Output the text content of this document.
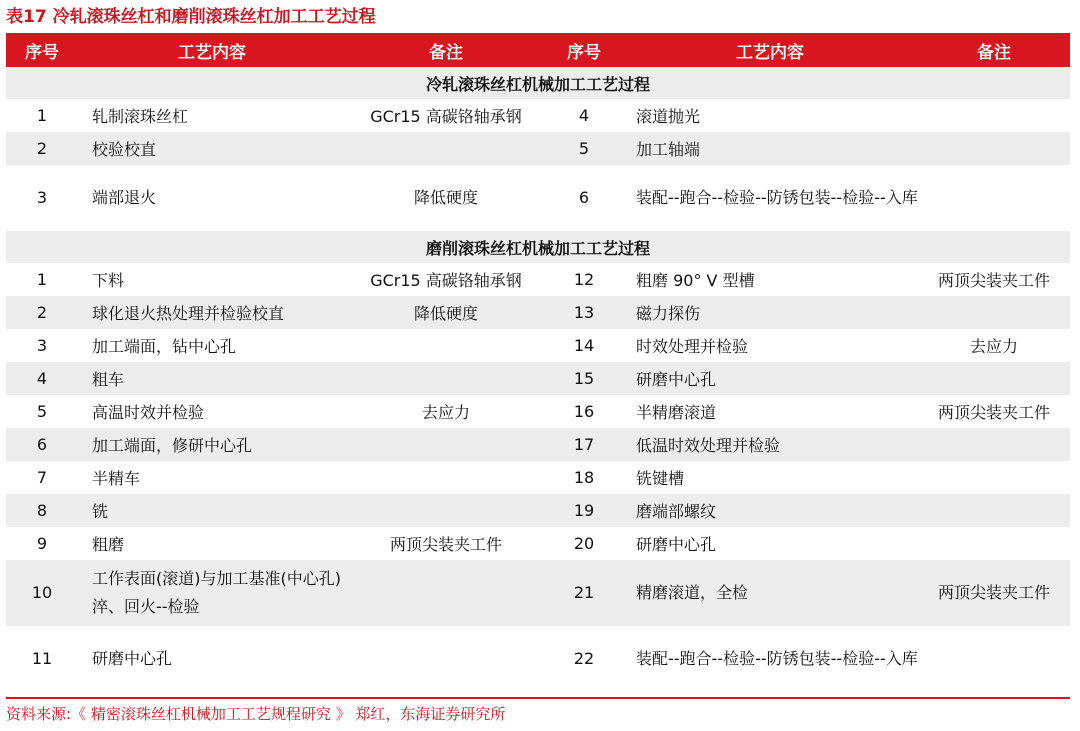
表17 冷轧滚珠丝杠和磨削滚珠丝杠加工工艺过程
序号	工艺内容	备注	序号	工艺内容	备注
冷轧滚珠丝杠机械加工工艺过程					
1	轧制滚珠丝杠	GCr15 高碳铬轴承钢	4	滚道抛光	
2	校验校直		5	加工轴端	
3	端部退火	降低硬度	6	装配--跑合--检验--防锈包装--检验--入库	
磨削滚珠丝杠机械加工工艺过程					
1	下料	GCr15 高碳铬轴承钢	12	粗磨 90° V 型槽	两顶尖装夹工件
2	球化退火热处理并检验校直	降低硬度	13	磁力探伤	
3	加工端面，钻中心孔		14	时效处理并检验	去应力
4	粗车		15	研磨中心孔	
5	高温时效并检验	去应力	16	半精磨滚道	两顶尖装夹工件
6	加工端面，修研中心孔		17	低温时效处理并检验	
7	半精车		18	铣键槽	
8	铣		19	磨端部螺纹	
9	粗磨	两顶尖装夹工件	20	研磨中心孔	
10	工作表面(滚道)与加工基准(中心孔)淬、回火--检验		21	精磨滚道，全检	两顶尖装夹工件
11	研磨中心孔		22	装配--跑合--检验--防锈包装--检验--入库	
资料来源:《 精密滚珠丝杠机械加工工艺规程研究 》 郑红，东海证券研究所
